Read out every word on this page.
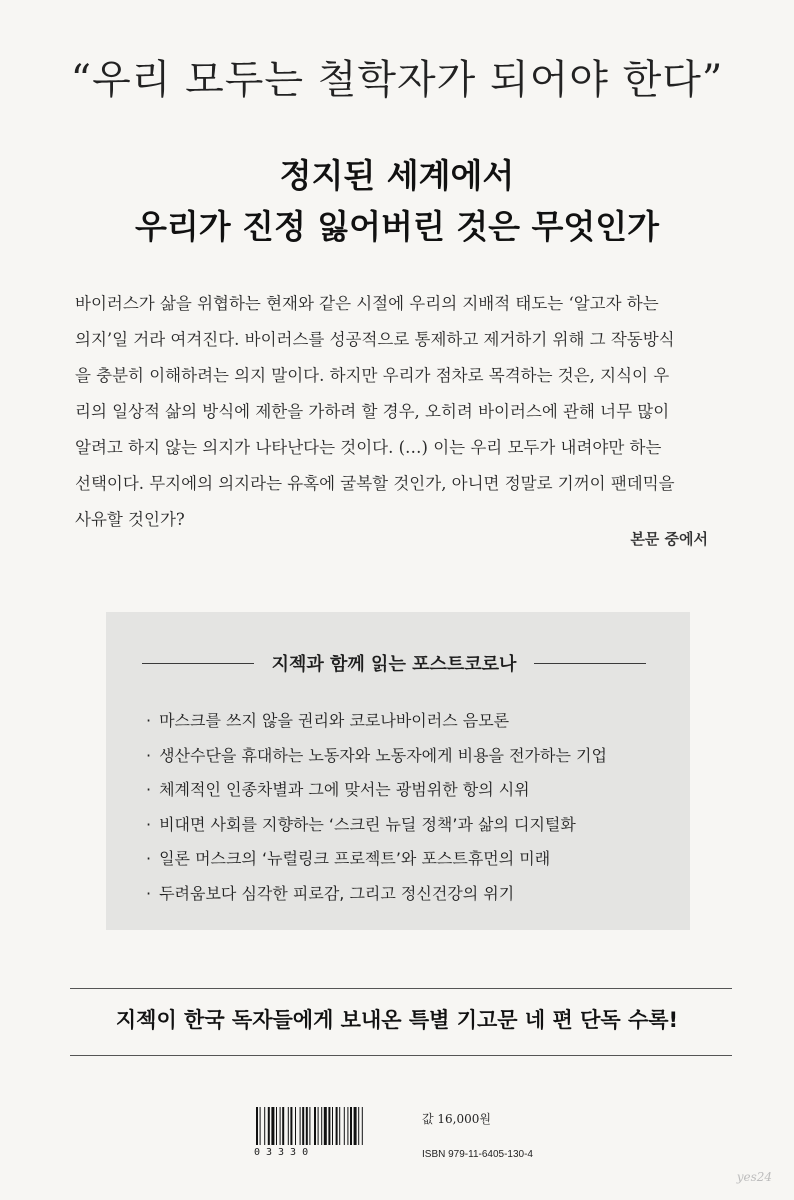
“우리 모두는 철학자가 되어야 한다”
정지된 세계에서
우리가 진정 잃어버린 것은 무엇인가
바이러스가 삶을 위협하는 현재와 같은 시절에 우리의 지배적 태도는 ‘알고자 하는
의지’일 거라 여겨진다. 바이러스를 성공적으로 통제하고 제거하기 위해 그 작동방식
을 충분히 이해하려는 의지 말이다. 하지만 우리가 점차로 목격하는 것은, 지식이 우
리의 일상적 삶의 방식에 제한을 가하려 할 경우, 오히려 바이러스에 관해 너무 많이
알려고 하지 않는 의지가 나타난다는 것이다. (…) 이는 우리 모두가 내려야만 하는
선택이다. 무지에의 의지라는 유혹에 굴복할 것인가, 아니면 정말로 기꺼이 팬데믹을
사유할 것인가?
본문 중에서
지젝과 함께 읽는 포스트코로나
· 마스크를 쓰지 않을 권리와 코로나바이러스 음모론
· 생산수단을 휴대하는 노동자와 노동자에게 비용을 전가하는 기업
· 체계적인 인종차별과 그에 맞서는 광범위한 항의 시위
· 비대면 사회를 지향하는 ‘스크린 뉴딜 정책’과 삶의 디지털화
· 일론 머스크의 ‘뉴럴링크 프로젝트’와 포스트휴먼의 미래
· 두려움보다 심각한 피로감, 그리고 정신건강의 위기
지젝이 한국 독자들에게 보내온 특별 기고문 네 편 단독 수록!
03330
값 16,000원
ISBN 979-11-6405-130-4
yes24
